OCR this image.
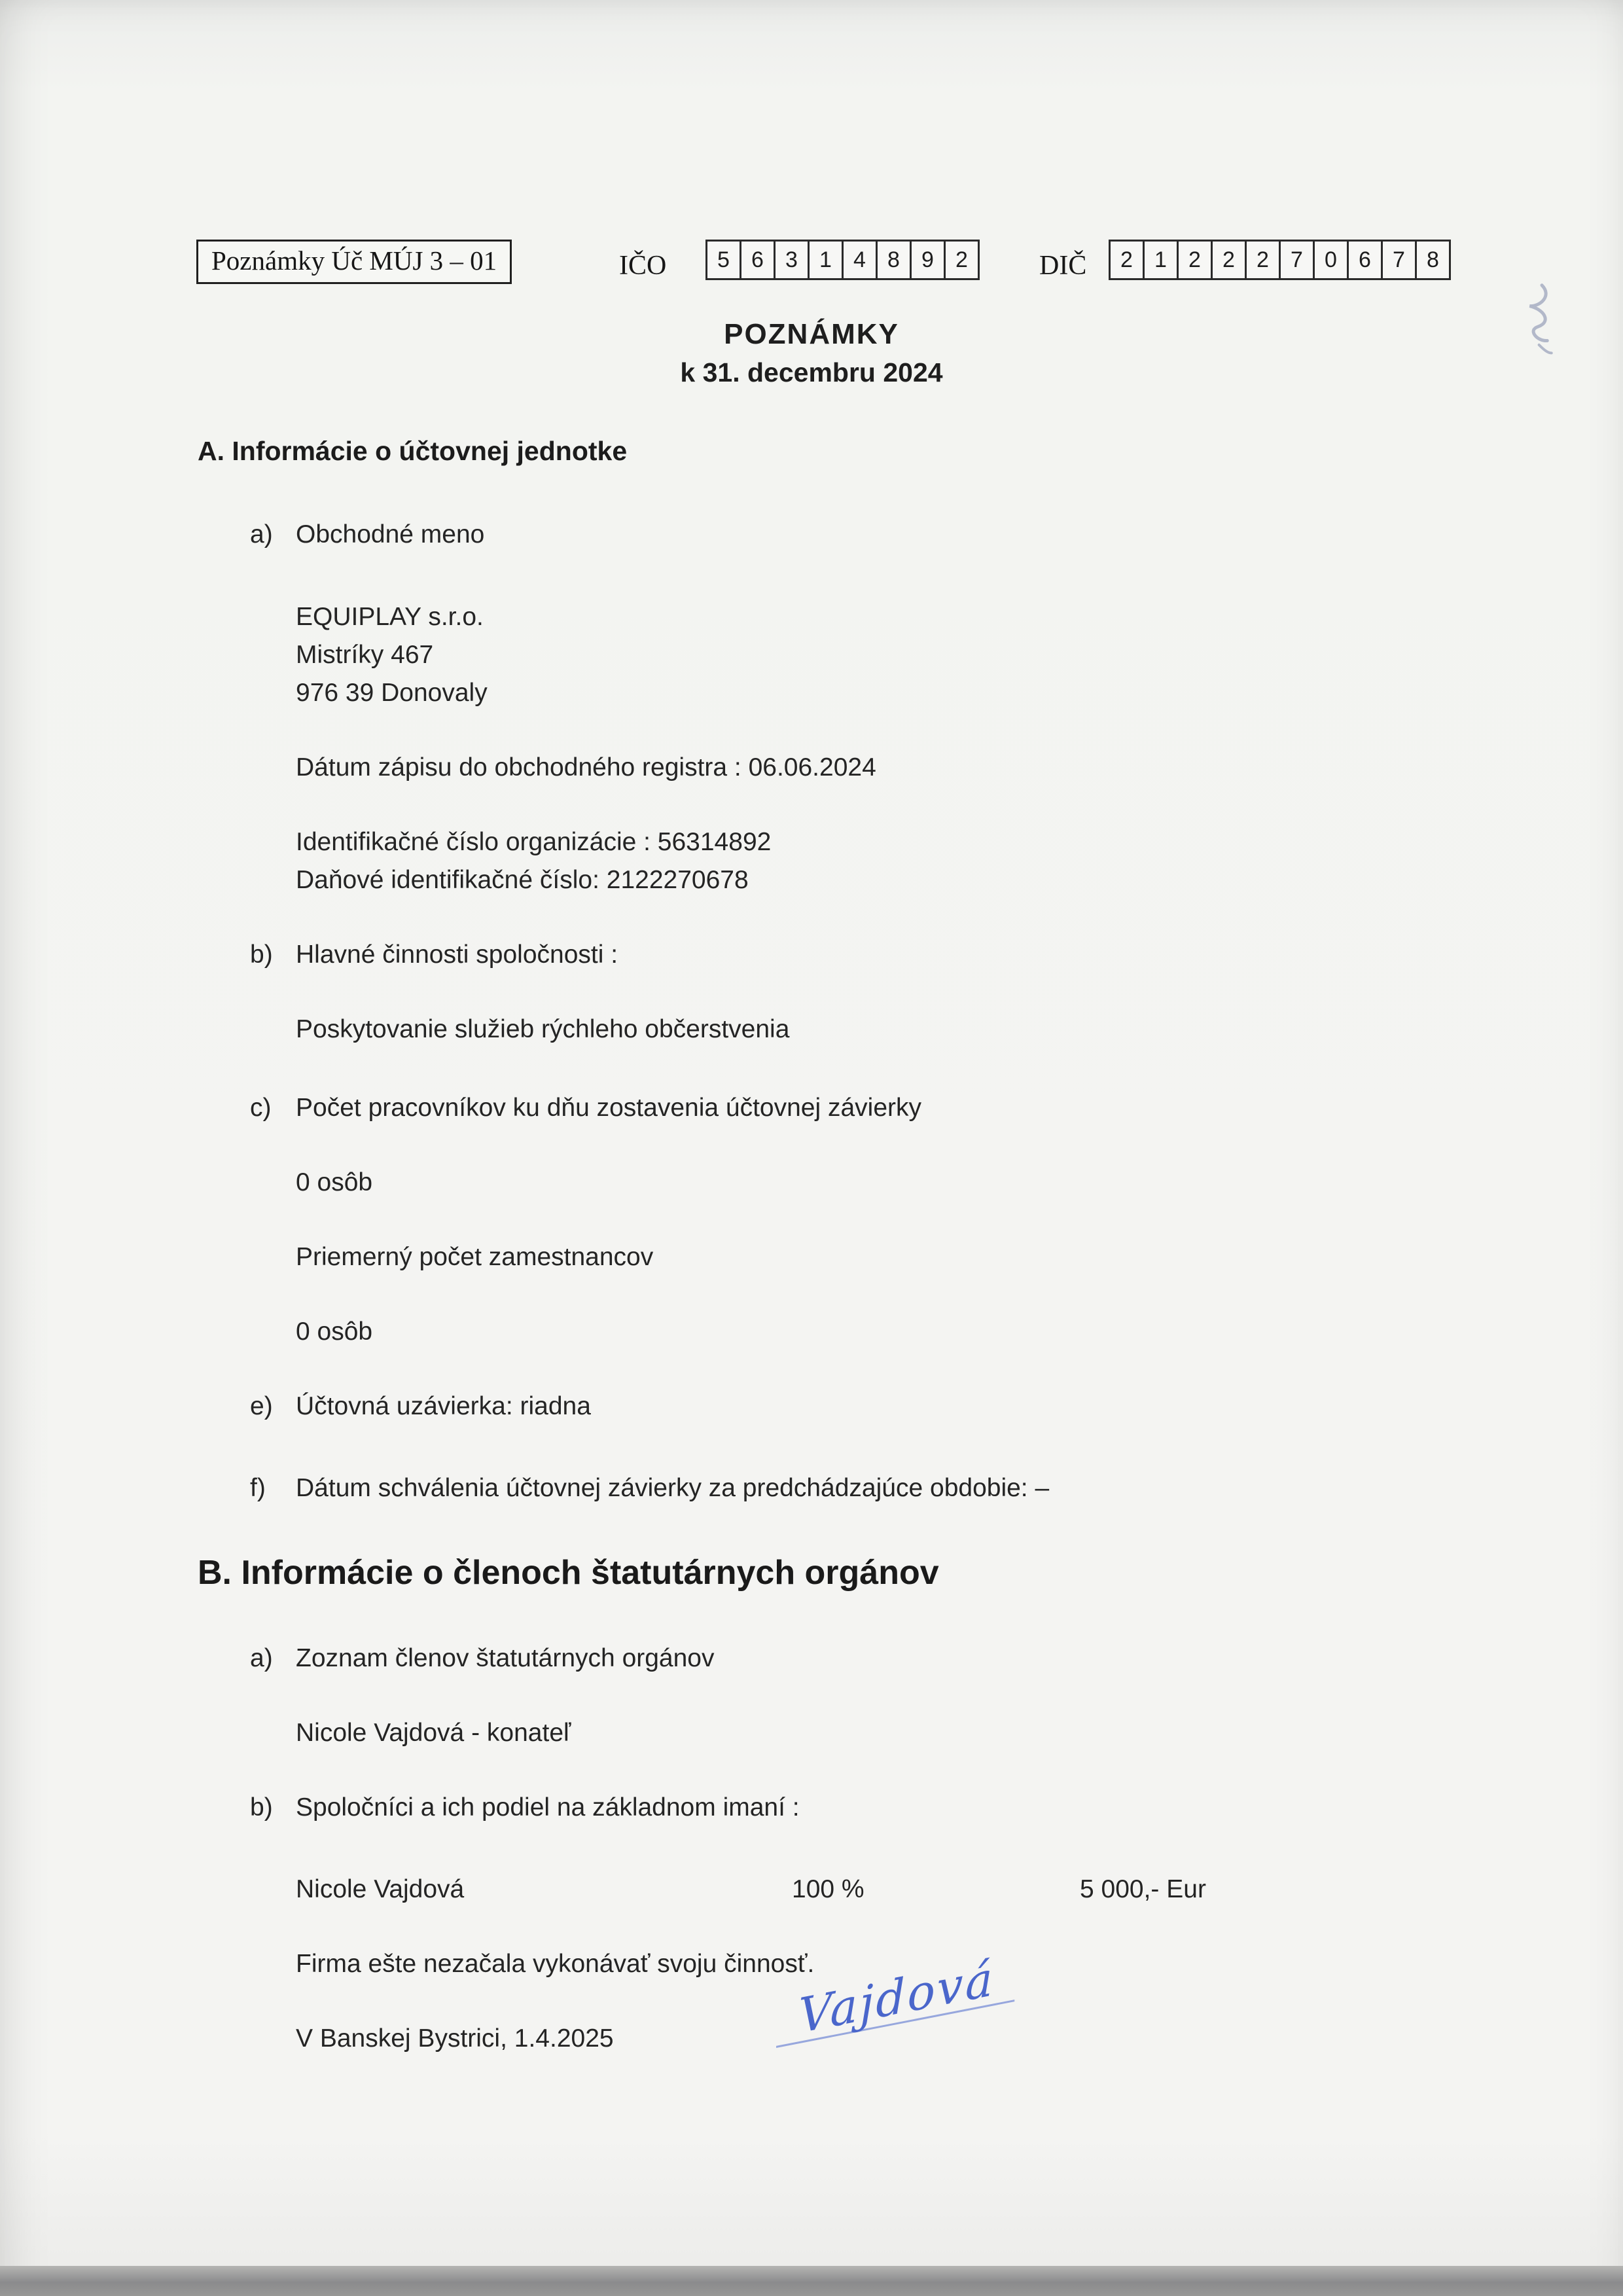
Poznámky Úč MÚJ 3 – 01	IČO	5 6 3 1 4 8 9 2	DIČ	2 1 2 2 2 7 0 6 7 8
POZNÁMKY
k 31. decembru 2024
A. Informácie o účtovnej jednotke
a) Obchodné meno
EQUIPLAY s.r.o.
Mistríky 467
976 39 Donovaly
Dátum zápisu do obchodného registra : 06.06.2024
Identifikačné číslo organizácie : 56314892
Daňové identifikačné číslo: 2122270678
b) Hlavné činnosti spoločnosti :
Poskytovanie služieb rýchleho občerstvenia
c) Počet pracovníkov ku dňu zostavenia účtovnej závierky
0 osôb
Priemerný počet zamestnancov
0 osôb
e) Účtovná uzávierka: riadna
f) Dátum schválenia účtovnej závierky za predchádzajúce obdobie: –
B. Informácie o členoch štatutárnych orgánov
a) Zoznam členov štatutárnych orgánov
Nicole Vajdová - konateľ
b) Spoločníci a ich podiel na základnom imaní :
Nicole Vajdová	100 %	5 000,- Eur
Firma ešte nezačala vykonávať svoju činnosť.
V Banskej Bystrici, 1.4.2025	Vajdová
